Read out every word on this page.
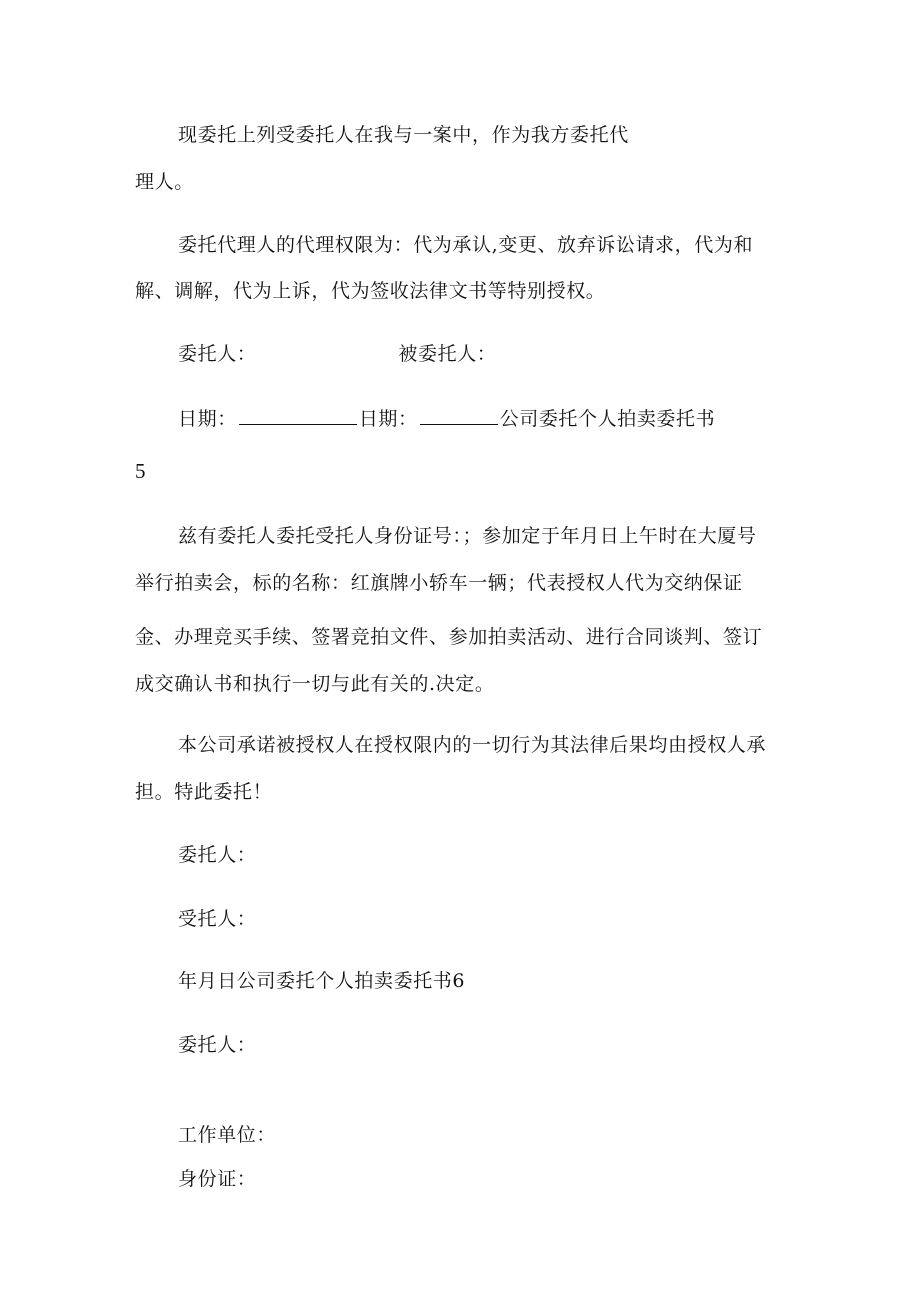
现委托上列受委托人在我与一案中，作为我方委托代
理人。
委托代理人的代理权限为：代为承认,变更、放弃诉讼请求，代为和
解、调解，代为上诉，代为签收法律文书等特别授权。
委托人：	被委托人：
日期：	日期：	公司委托个人拍卖委托书
5
兹有委托人委托受托人身份证号：；参加定于年月日上午时在大厦号
举行拍卖会，标的名称：红旗牌小轿车一辆；代表授权人代为交纳保证
金、办理竞买手续、签署竞拍文件、参加拍卖活动、进行合同谈判、签订
成交确认书和执行一切与此有关的.决定。
本公司承诺被授权人在授权限内的一切行为其法律后果均由授权人承
担。特此委托！
委托人：
受托人：
年月日公司委托个人拍卖委托书6
委托人：
工作单位：
身份证：
